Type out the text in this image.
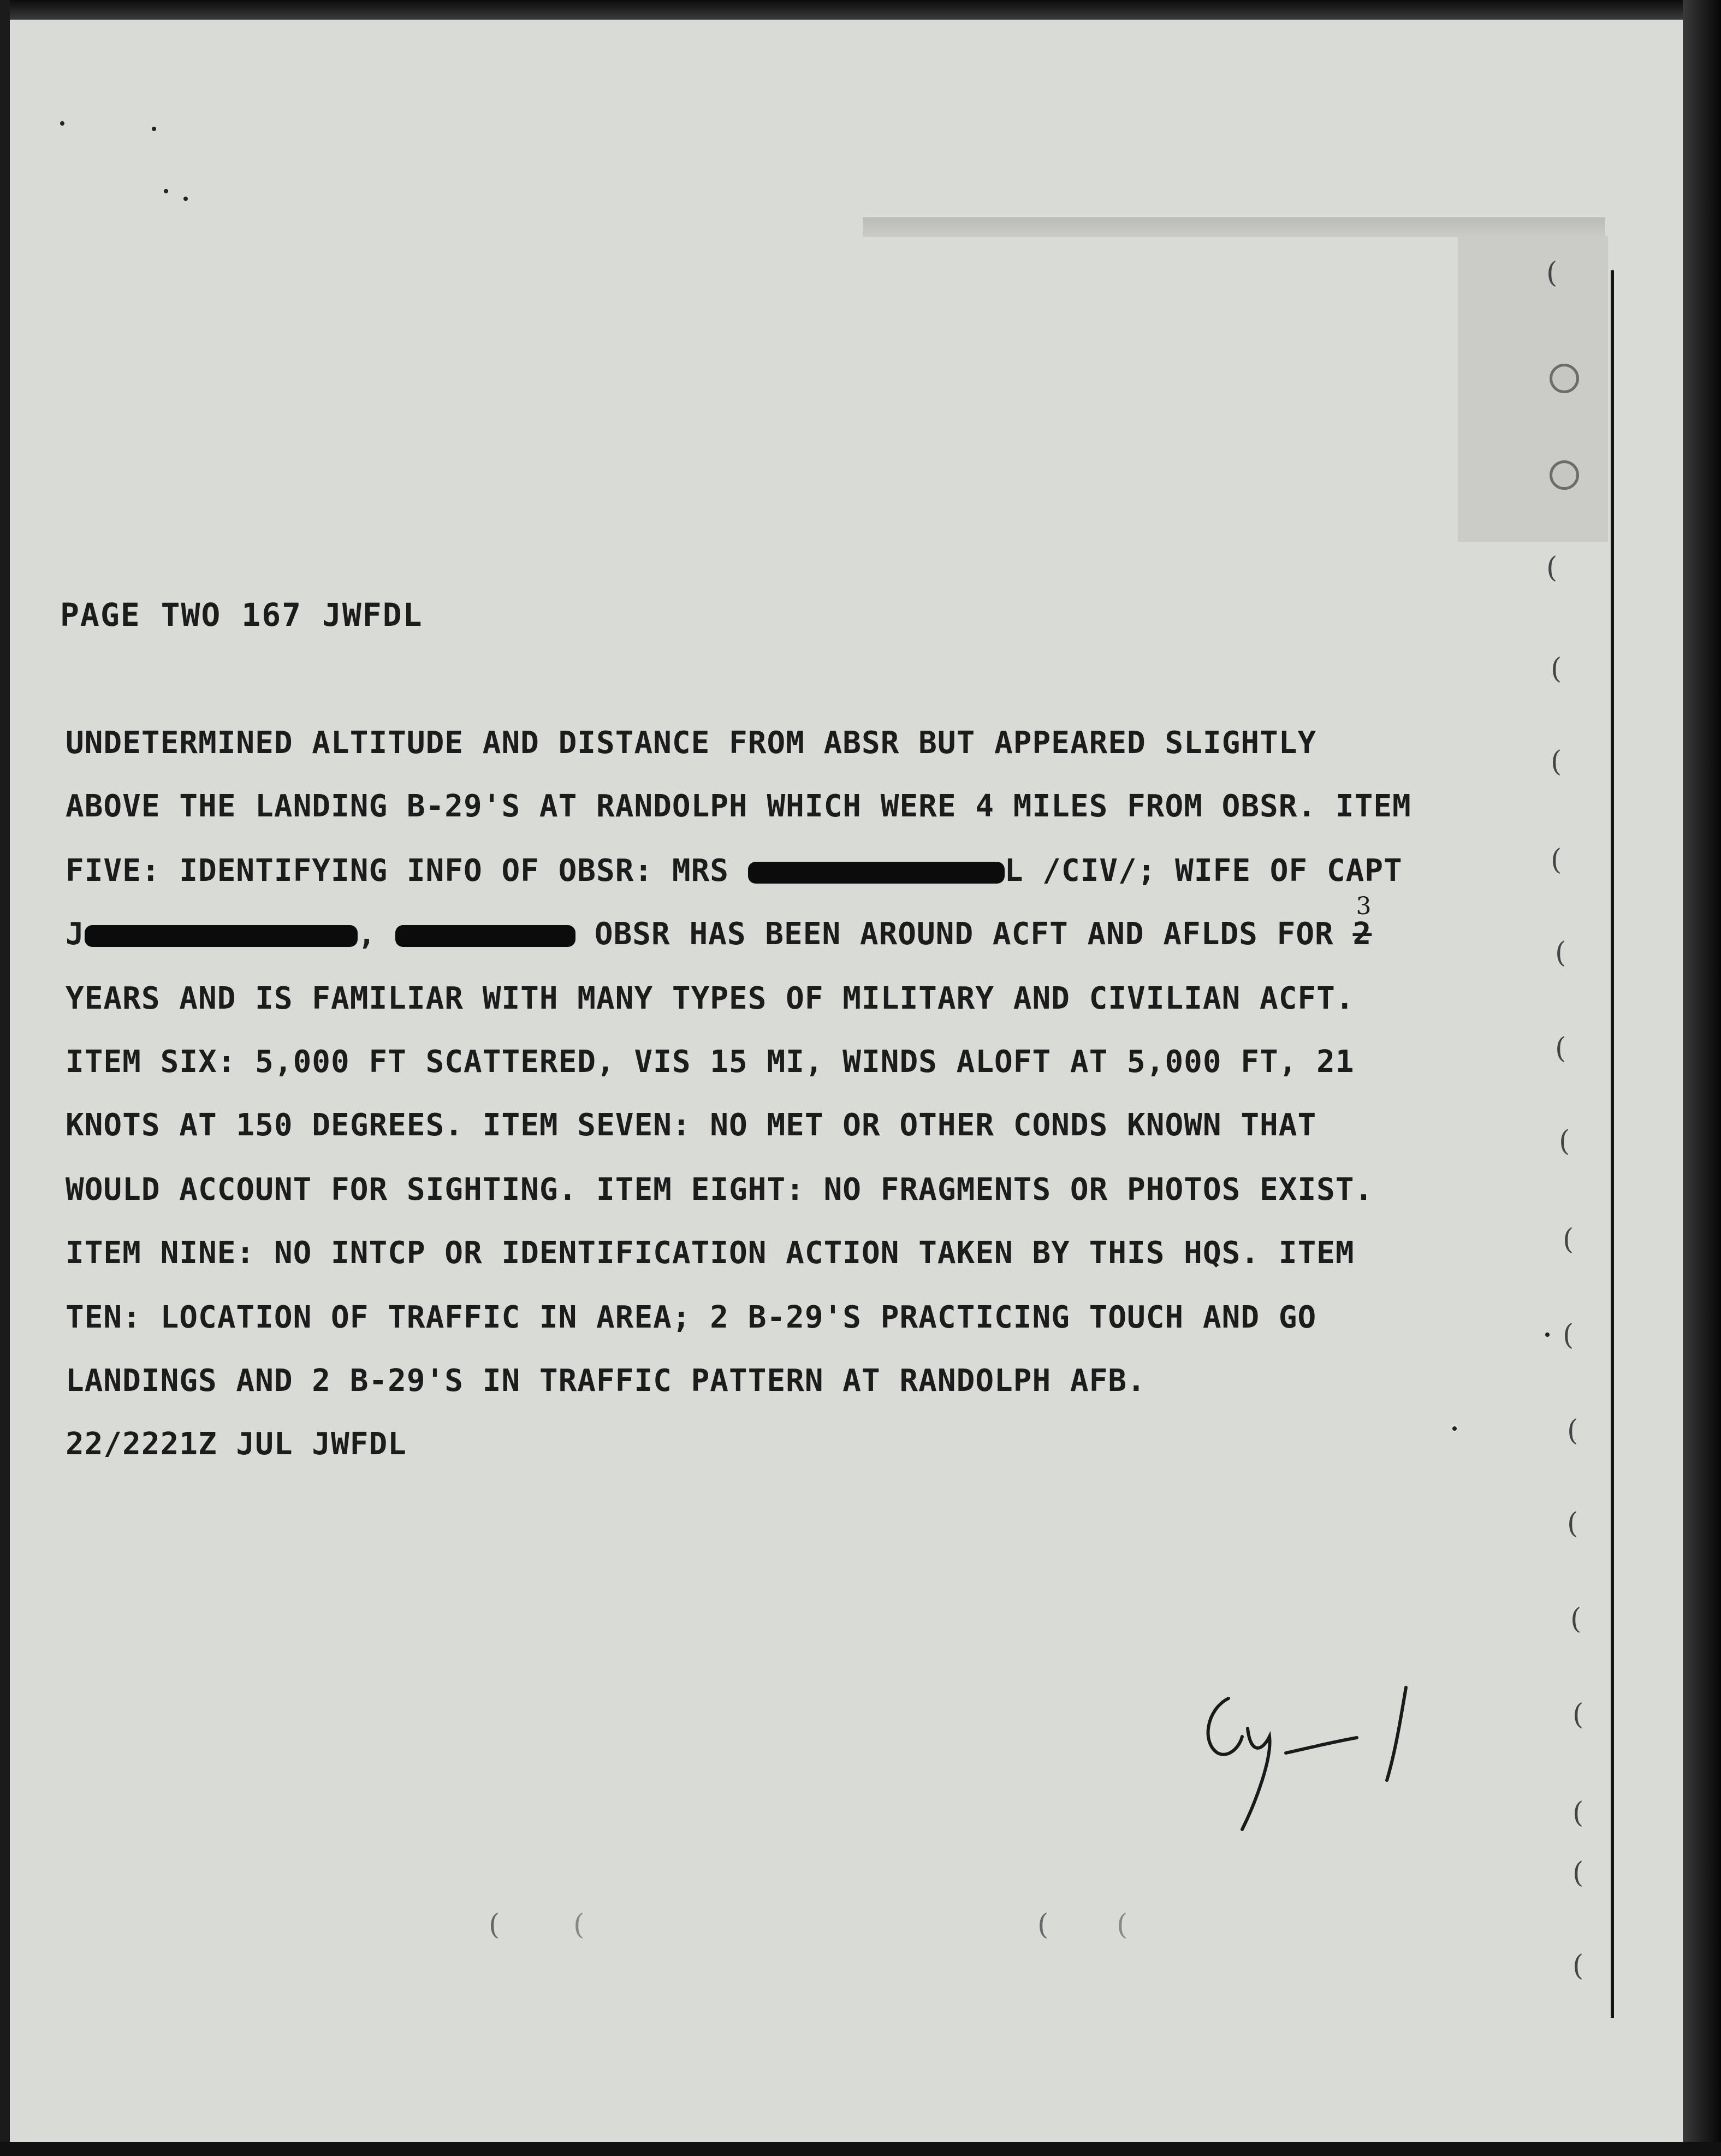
(
(
(
(
(
(
(
(
(
(
(
(
(
(
(
(
(
PAGE TWO 167 JWFDL
UNDETERMINED ALTITUDE AND DISTANCE FROM ABSR BUT APPEARED SLIGHTLY
ABOVE THE LANDING B-29'S AT RANDOLPH WHICH WERE 4 MILES FROM OBSR. ITEM
FIVE: IDENTIFYING INFO OF OBSR: MRS	L /CIV/; WIFE OF CAPT
J	,	OBSR HAS BEEN AROUND ACFT AND AFLDS FOR 2
3
YEARS AND IS FAMILIAR WITH MANY TYPES OF MILITARY AND CIVILIAN ACFT.
ITEM SIX: 5,000 FT SCATTERED, VIS 15 MI, WINDS ALOFT AT 5,000 FT, 21
KNOTS AT 150 DEGREES. ITEM SEVEN: NO MET OR OTHER CONDS KNOWN THAT
WOULD ACCOUNT FOR SIGHTING. ITEM EIGHT: NO FRAGMENTS OR PHOTOS EXIST.
ITEM NINE: NO INTCP OR IDENTIFICATION ACTION TAKEN BY THIS HQS. ITEM
TEN: LOCATION OF TRAFFIC IN AREA; 2 B-29'S PRACTICING TOUCH AND GO
LANDINGS AND 2 B-29'S IN TRAFFIC PATTERN AT RANDOLPH AFB.
22/2221Z JUL JWFDL
(	(	( (
